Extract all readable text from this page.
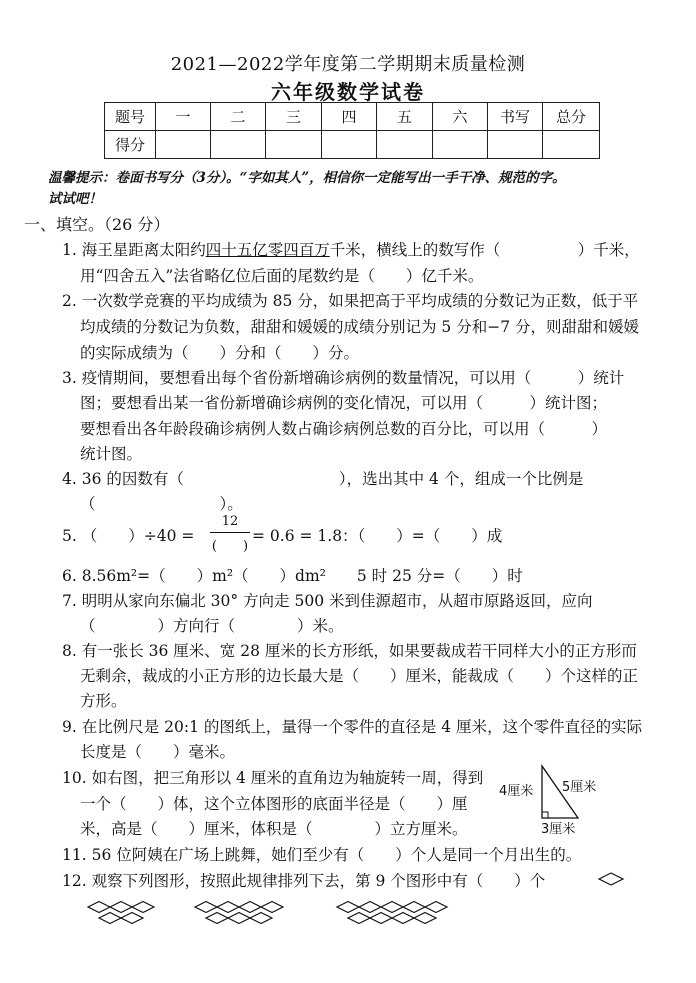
2021—2022学年度第二学期期末质量检测
六年级数学试卷
题号	一	二	三	四	五	六	书写	总分
得分								
温馨提示：卷面书写分（3分）。“字如其人”，相信你一定能写出一手干净、规范的字。
试试吧！
一、填空。（26 分）
1. 海王星距离太阳约四十五亿零四百万千米，横线上的数写作（　　　　　）千米，
用“四舍五入”法省略亿位后面的尾数约是（　　）亿千米。
2. 一次数学竞赛的平均成绩为 85 分，如果把高于平均成绩的分数记为正数，低于平
均成绩的分数记为负数，甜甜和媛媛的成绩分别记为 5 分和−7 分，则甜甜和媛媛
的实际成绩为（　　）分和（　　）分。
3. 疫情期间，要想看出每个省份新增确诊病例的数量情况，可以用（　　　）统计
图；要想看出某一省份新增确诊病例的变化情况，可以用（　　　）统计图；
要想看出各年龄段确诊病例人数占确诊病例总数的百分比，可以用（　　　）
统计图。
4. 36 的因数有（　　　　　　　　　　），选出其中 4 个，组成一个比例是
（　　　　　　　　）。
5. （　　）÷40 =
12
(　　)
= 0.6 = 1.8：（　　）=（　　）成
6. 8.56m²=（　　）m²（　　）dm²　　5 时 25 分=（　　）时
7. 明明从家向东偏北 30° 方向走 500 米到佳源超市，从超市原路返回，应向
（　　　　）方向行（　　　　）米。
8. 有一张长 36 厘米、宽 28 厘米的长方形纸，如果要裁成若干同样大小的正方形而
无剩余，裁成的小正方形的边长最大是（　　）厘米，能裁成（　　）个这样的正
方形。
9. 在比例尺是 20:1 的图纸上，量得一个零件的直径是 4 厘米，这个零件直径的实际
长度是（　　）毫米。
10. 如右图，把三角形以 4 厘米的直角边为轴旋转一周，得到
一个（　　）体，这个立体图形的底面半径是（　　）厘
米，高是（　　）厘米，体积是（　　　　）立方厘米。
4厘米 5厘米
3厘米
11. 56 位阿姨在广场上跳舞，她们至少有（　　）个人是同一个月出生的。
12. 观察下列图形，按照此规律排列下去，第 9 个图形中有（　　）个
